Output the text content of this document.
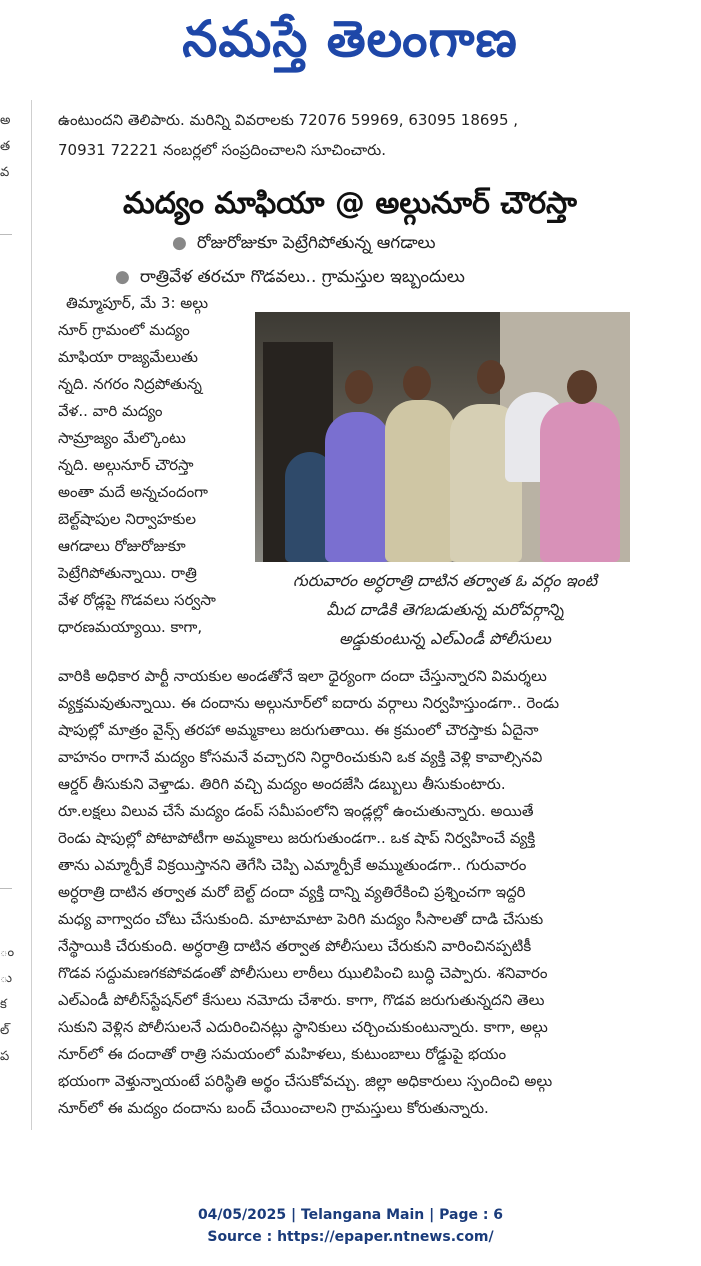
నమస్తే తెలంగాణ
అ
త
వ
ం
ు
క
ల్
ప
ఉంటుందని తెలిపారు. మరిన్ని వివరాలకు 72076 59969, 63095 18695 ,
70931 72221 నంబర్లలో సంప్రదించాలని సూచించారు.
మద్యం మాఫియా @ అల్గునూర్ చౌరస్తా
● రోజురోజుకూ పెట్రేగిపోతున్న ఆగడాలు
● రాత్రివేళ తరచూ గొడవలు.. గ్రామస్తుల ఇబ్బందులు
గురువారం అర్ధరాత్రి దాటిన తర్వాత ఓ వర్గం ఇంటి
మీద దాడికి తెగబడుతున్న మరోవర్గాన్ని
అడ్డుకుంటున్న ఎల్ఎండీ పోలీసులు
తిమ్మాపూర్, మే 3: అల్గు
నూర్ గ్రామంలో మద్యం
మాఫియా రాజ్యమేలుతు
న్నది. నగరం నిద్రపోతున్న
వేళ.. వారి మద్యం
సామ్రాజ్యం మేల్కొంటు
న్నది. అల్గునూర్ చౌరస్తా
అంతా మదే అన్నచందంగా
బెల్ట్‌షాపుల నిర్వాహకుల
ఆగడాలు రోజురోజుకూ
పెట్రేగిపోతున్నాయి. రాత్రి
వేళ రోడ్లపై గొడవలు సర్వసా
ధారణమయ్యాయి. కాగా,
వారికి అధికార పార్టీ నాయకుల అండతోనే ఇలా ధైర్యంగా దందా చేస్తున్నారని విమర్శలు
వ్యక్తమవుతున్నాయి. ఈ దందాను అల్గునూర్‌లో ఐదారు వర్గాలు నిర్వహిస్తుండగా.. రెండు
షాపుల్లో మాత్రం వైన్స్ తరహా అమ్మకాలు జరుగుతాయి. ఈ క్రమంలో చౌరస్తాకు ఏదైనా
వాహనం రాగానే మద్యం కోసమనే వచ్చారని నిర్ధారించుకుని ఒక వ్యక్తి వెళ్లి కావాల్సినవి
ఆర్డర్ తీసుకుని వెళ్తాడు. తిరిగి వచ్చి మద్యం అందజేసి డబ్బులు తీసుకుంటారు.
రూ.లక్షలు విలువ చేసే మద్యం డంప్ సమీపంలోని ఇండ్లల్లో ఉంచుతున్నారు. అయితే
రెండు షాపుల్లో పోటాపోటీగా అమ్మకాలు జరుగుతుండగా.. ఒక షాప్ నిర్వహించే వ్యక్తి
తాను ఎమ్మార్పీకే విక్రయిస్తానని తెగేసి చెప్పి ఎమ్మార్పీకే అమ్ముతుండగా.. గురువారం
అర్ధరాత్రి దాటిన తర్వాత మరో బెల్ట్ దందా వ్యక్తి దాన్ని వ్యతిరేకించి ప్రశ్నించగా ఇద్దరి
మధ్య వాగ్వాదం చోటు చేసుకుంది. మాటామాటా పెరిగి మద్యం సీసాలతో దాడి చేసుకు
నేస్థాయికి చేరుకుంది. అర్ధరాత్రి దాటిన తర్వాత పోలీసులు చేరుకుని వారించినప్పటికీ
గొడవ సద్దుమణగకపోవడంతో పోలీసులు లాఠీలు ఝులిపించి బుద్ధి చెప్పారు. శనివారం
ఎల్ఎండీ పోలీస్‌స్టేషన్‌లో కేసులు నమోదు చేశారు. కాగా, గొడవ జరుగుతున్నదని తెలు
సుకుని వెళ్లిన పోలీసులనే ఎదురించినట్లు స్థానికులు చర్చించుకుంటున్నారు. కాగా, అల్గు
నూర్‌లో ఈ దందాతో రాత్రి సమయంలో మహిళలు, కుటుంబాలు రోడ్డుపై భయం
భయంగా వెళ్తున్నాయంటే పరిస్థితి అర్థం చేసుకోవచ్చు. జిల్లా అధికారులు స్పందించి అల్గు
నూర్‌లో ఈ మద్యం దందాను బంద్ చేయించాలని గ్రామస్తులు కోరుతున్నారు.
04/05/2025 | Telangana Main | Page : 6
Source : https://epaper.ntnews.com/
